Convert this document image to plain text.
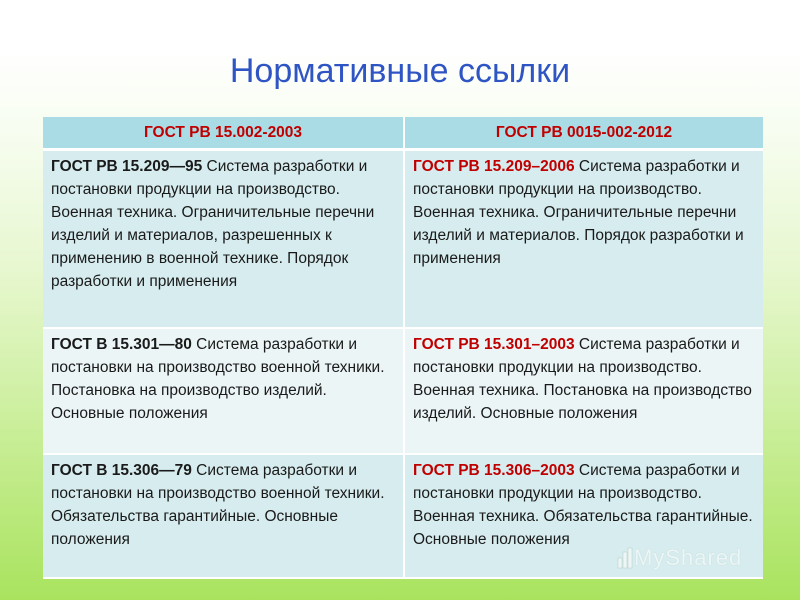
Нормативные ссылки
ГОСТ РВ 15.002-2003	ГОСТ РВ 0015-002-2012
ГОСТ РВ 15.209—95 Система разработки и постановки продукции на производство. Военная техника. Ограничительные перечни изделий и материалов, разрешенных к применению в военной технике. Порядок разработки и применения	ГОСТ РВ 15.209–2006 Система разработки и постановки продукции на производство. Военная техника. Ограничительные перечни изделий и материалов. Порядок разработки и применения
ГОСТ В 15.301—80 Система разработки и постановки на производство военной техники. Постановка на производство изделий. Основные положения	ГОСТ РВ 15.301–2003 Система разработки и постановки продукции на производство. Военная техника. Постановка на производство изделий. Основные положения
ГОСТ В 15.306—79 Система разработки и постановки на производство военной техники. Обязательства гарантийные. Основные положения	ГОСТ РВ 15.306–2003 Система разработки и постановки продукции на производство. Военная техника. Обязательства гарантийные. Основные положения
MyShared
